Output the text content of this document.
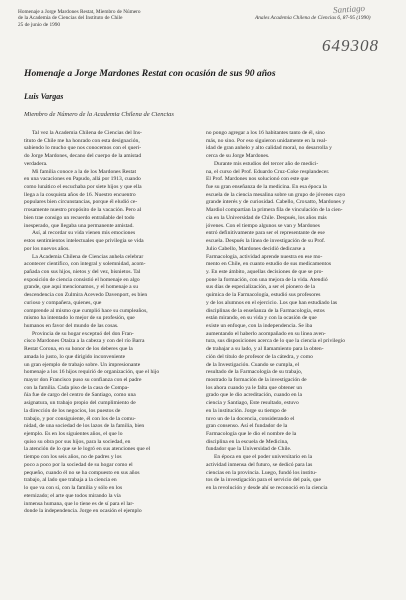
Homenaje a Jorge Mardones Restat, Miembro de Número
de la Academia de Ciencias del Instituto de Chile
25 de junio de 1990
Anales Academia Chilena de Ciencias 6, 87-95 (1990)
Santiago
649308
Homenaje a Jorge Mardones Restat con ocasión de sus 90 años
Luis Vargas
Miembro de Número de la Academia Chilena de Ciencias
Tal vez la Academia Chilena de Ciencias del Ins-
tituto de Chile me ha honrado con esta designación,
sabiendo lo mucho que nos conocemos con el queri-
do Jorge Mardones, decano del cuerpo de la amistad
verdadera.
Mi familia conoce a la de los Mardones Restat
en una vacaciones en Papudo, allá por 1913, cuando
como lunático el escuchaba por siete hijos y que ella
llega a la cosquista años de 16. Nuestro encuentro
populares bien circunstancias, porque él eludió ce-
rrosamente nuestro propósito de la vacación. Pero al
bien trae consigo un recuerdo entrañable del todo
inesperado, que llegaba una permanente amistad.
Así, al recordar su vida vienen mis emociones
estos sentimientos intelectuales que privilegia se vida
por los nuevos años.
La Academia Chilena de Ciencias anhela celebrar
acontecer científico, con integral y solemnidad, acom-
pañada con sus hijos, nietos y del vez, bisnietos. Tal
exposición de ciencia consistió el homenaje en algo
grande, que aquí mencionamos, y el homenaje a su
descendencia con Zulmira Acevedo Davenport, es bien
curioso y compañera, quienes, que
comprende al mismo que cumplió hace su cumpleaños,
mismo ha intentado lo mejor de su profesión, que
humanos en favor del mundo de las cosas.
Provincia de su hogar exceptuó del don Fran-
cisco Mardones Otaíza a la cabeza y con del río Barra
Restat Corona, en su honor de los deberes que la
amada lo justo, lo que dirigido inconveniente
un gran ejemplo de trabajo sobre. Un impresionante
homenaje a los 16 hijos requirió de organización, que el hijo
mayor don Francisco puso su confianza con el padre
con la familia. Cada piso de la casa de Compa-
ñía fue de cargo del centro de Santiago, como una
asignatura, un trabajo propio del cumplimiento de
la dirección de los negocios, los puestos de
trabajo, y por consiguiente, él con los de la comu-
nidad, de una sociedad de los lazos de la familia, bien
ejemplo. Es en los siguientes años, el que lo
quiso su obra por sus hijos, para la sociedad, en
la atención de lo que se le logró en sus atenciones que el
tiempo con los seis años, no de padres y los
poco a poco por la sociedad de su hogar como el
pequeño, cuando él no se ha compuesto en sus años
trabajo, al lado que trabaja a la ciencia en
lo que va con sí, con la familia y sólo en los
eternizado; el arte que todos mirando la vía
inmensa humana, que lo tiene es de sí para el lar-
donde la independencia. Jorge en ocasión el ejemplo
no pongo agregar a los 16 habitantes tanto de él, sino
más, no sino. Por eso siguieron unidamente en la real-
idad de gran anhelo y alto calidad moral, no desarrolla y
cerca de su Jorge Mardones.
Durante mis estudios del tercer año de medici-
na, el curso del Prof. Eduardo Cruz-Coke resplandecer.
El Prof. Mardones nos solucionó con este que
fue su gran enseñanza de la medicina. En esa época la
escuela de la ciencia mesalina sobre un grupo de jóvenes cayo
grande interés y de curiosidad. Cabello, Croxatto, Mardones y
Mardiol compartían la primera fila de vinculación de la cien-
cia en la Universidad de Chile. Después, los años más
jóvenes. Con el tiempo algunos se van y Mardones
entró definitivamente para ser el representante de ese
escuela. Después la línea de investigación de su Prof.
Julio Cabello, Mardones decidió dedicarse a
Farmacología, actividad aprende nuestra en ese mo-
mento en Chile, en cuanto estudio de sus medicamentos
y. En este ámbito, aquellas decisiones de que se pro-
pone la formación, con una mejora de la vida. Atendió
sus días de especialización, a ser el pionero de la
química de la Farmacología, estudió sus profesores
y de los alumnos en el ejercicio. Los que han estudiado las
disciplinas de la enseñanza de la Farmacología, estos
están mirando, en su vida y con la ocasión de que
existe un enfoque, con la independencia. Se iba
aumentando el haberlo acompañado en su línea aven-
tura, sus disposiciones acerca de lo que la ciencia el privilegio
de trabajar a su lado, y al llamamiento para la obten-
ción del título de profesor de la cátedra, y como
de la Investigación. Cuando se cumpla, el
resultado de la Farmacología de su trabajo,
mostrado la formación de la investigación de
los ahora cuando ya le falta que obtener un
grado que le dio acreditación, cuando en la
ciencia y Santiago, Este resultado, estuvo
en la institución. Jorge su tiempo de
tuvo un de la docencia, considerando el
gran consenso. Así el fundador de la
Farmacología que le dio el nombre de la
disciplina en la escuela de Medicina,
fundador que la Universidad de Chile.
En época en que el poder universitario en la
actividad inmensa del futuro, se dedicó para las
ciencias en la provincia. Luego, fundó los institu-
tos de la investigación para el servicio del país, que
en la revolución y desde ahí se reconoció en la ciencia
